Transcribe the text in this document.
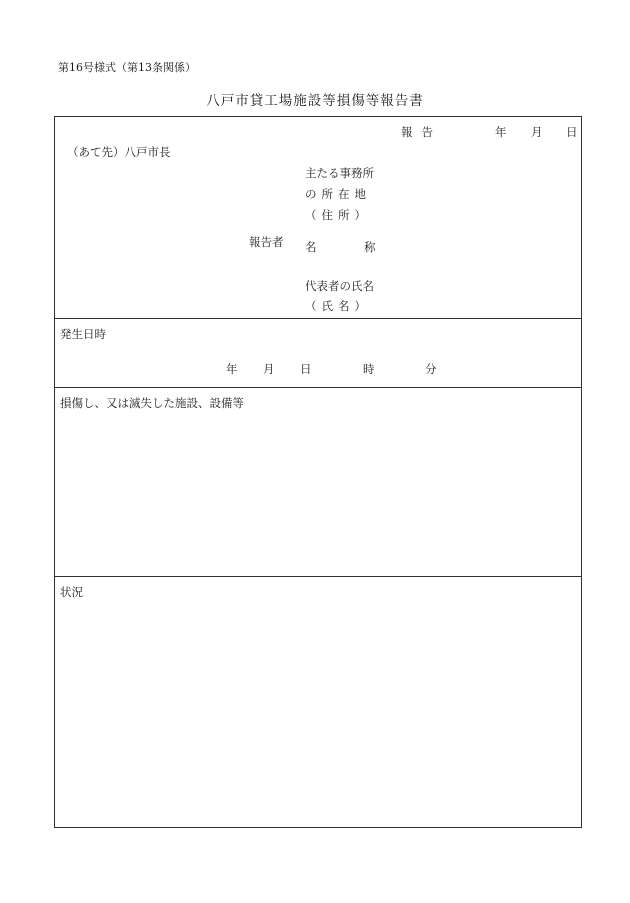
第16号様式（第13条関係）
八戸市貸工場施設等損傷等報告書
報告	年 月 日
（あて先）八戸市長
主たる事務所
の所在地
（住所）
報告者 名　称
代表者の氏名
（氏名）
発生日時
年 月 日	時	分
損傷し、又は滅失した施設、設備等
状況
